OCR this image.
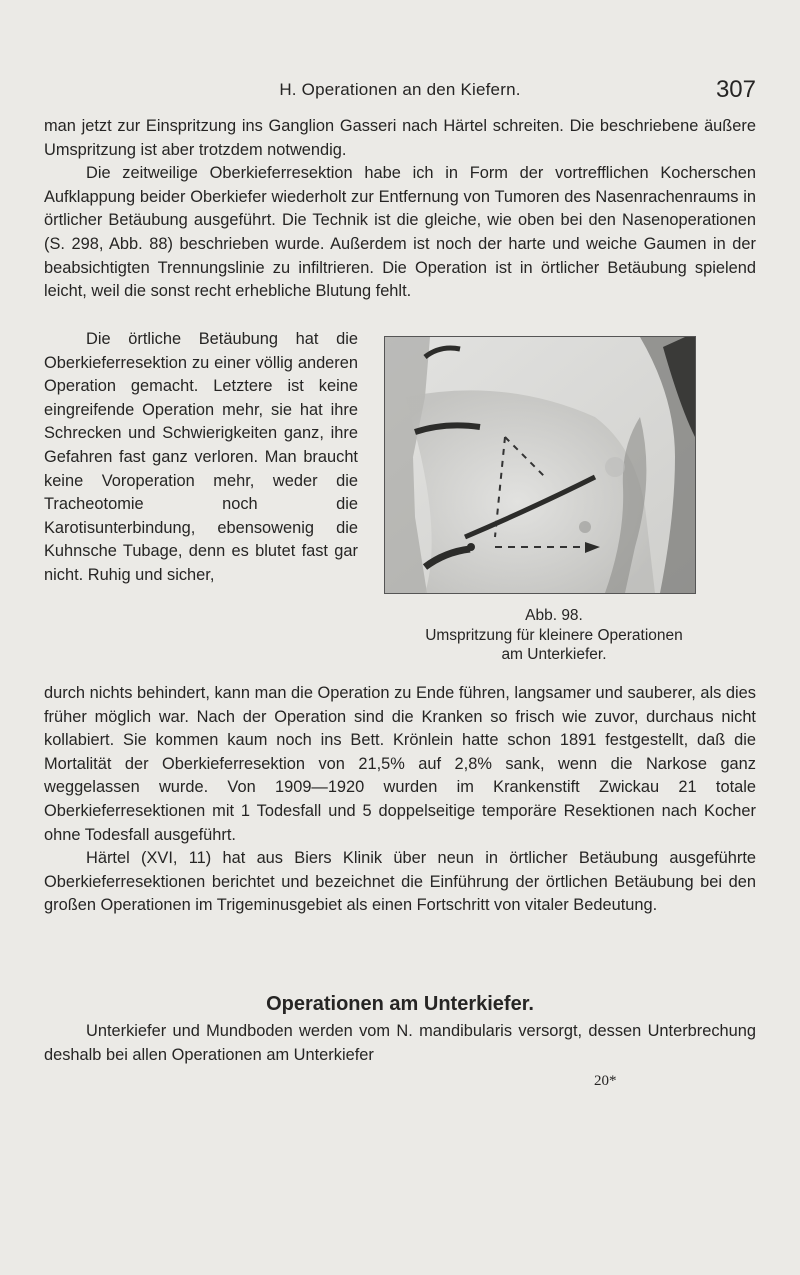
H. Operationen an den Kiefern.	307

man jetzt zur Einspritzung ins Ganglion Gasseri nach Härtel schreiten. Die beschriebene äußere Umspritzung ist aber trotzdem notwendig.

Die zeitweilige Oberkieferresektion habe ich in Form der vortrefflichen Kocherschen Aufklappung beider Oberkiefer wiederholt zur Entfernung von Tumoren des Nasenrachenraums in örtlicher Betäubung ausgeführt. Die Technik ist die gleiche, wie oben bei den Nasenoperationen (S. 298, Abb. 88) beschrieben wurde. Außerdem ist noch der harte und weiche Gaumen in der beabsichtigten Trennungslinie zu infiltrieren. Die Operation ist in örtlicher Betäubung spielend leicht, weil die sonst recht erhebliche Blutung fehlt.

Die örtliche Betäubung hat die Oberkieferresektion zu einer völlig anderen Operation gemacht. Letztere ist keine eingreifende Operation mehr, sie hat ihre Schrecken und Schwierigkeiten ganz, ihre Gefahren fast ganz verloren. Man braucht keine Voroperation mehr, weder die Tracheotomie noch die Karotisunterbindung, ebensowenig die Kuhnsche Tubage, denn es blutet fast gar nicht. Ruhig und sicher,

Abb. 98.
Umspritzung für kleinere Operationen
am Unterkiefer.

durch nichts behindert, kann man die Operation zu Ende führen, langsamer und sauberer, als dies früher möglich war. Nach der Operation sind die Kranken so frisch wie zuvor, durchaus nicht kollabiert. Sie kommen kaum noch ins Bett. Krönlein hatte schon 1891 festgestellt, daß die Mortalität der Oberkieferresektion von 21,5% auf 2,8% sank, wenn die Narkose ganz weggelassen wurde. Von 1909—1920 wurden im Krankenstift Zwickau 21 totale Oberkieferresektionen mit 1 Todesfall und 5 doppelseitige temporäre Resektionen nach Kocher ohne Todesfall ausgeführt.

Härtel (XVI, 11) hat aus Biers Klinik über neun in örtlicher Betäubung ausgeführte Oberkieferresektionen berichtet und bezeichnet die Einführung der örtlichen Betäubung bei den großen Operationen im Trigeminusgebiet als einen Fortschritt von vitaler Bedeutung.

Operationen am Unterkiefer.

Unterkiefer und Mundboden werden vom N. mandibularis versorgt, dessen Unterbrechung deshalb bei allen Operationen am Unterkiefer

20*
